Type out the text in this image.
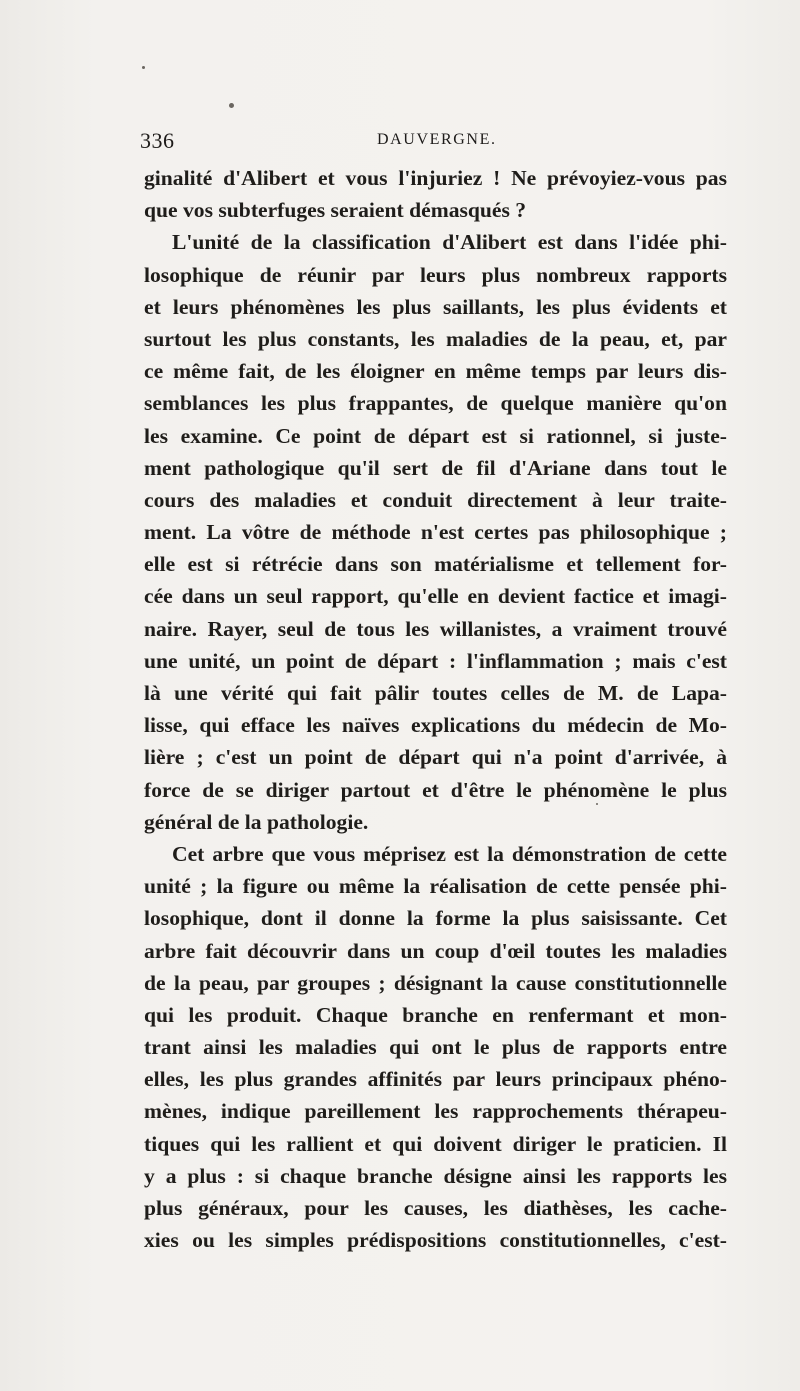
336	DAUVERGNE.
ginalité d'Alibert et vous l'injuriez ! Ne prévoyiez-vous pas
que vos subterfuges seraient démasqués ?
L'unité de la classification d'Alibert est dans l'idée phi-
losophique de réunir par leurs plus nombreux rapports
et leurs phénomènes les plus saillants, les plus évidents et
surtout les plus constants, les maladies de la peau, et, par
ce même fait, de les éloigner en même temps par leurs dis-
semblances les plus frappantes, de quelque manière qu'on
les examine. Ce point de départ est si rationnel, si juste-
ment pathologique qu'il sert de fil d'Ariane dans tout le
cours des maladies et conduit directement à leur traite-
ment. La vôtre de méthode n'est certes pas philosophique ;
elle est si rétrécie dans son matérialisme et tellement for-
cée dans un seul rapport, qu'elle en devient factice et imagi-
naire. Rayer, seul de tous les willanistes, a vraiment trouvé
une unité, un point de départ : l'inflammation ; mais c'est
là une vérité qui fait pâlir toutes celles de M. de Lapa-
lisse, qui efface les naïves explications du médecin de Mo-
lière ; c'est un point de départ qui n'a point d'arrivée, à
force de se diriger partout et d'être le phénomène le plus
général de la pathologie.
Cet arbre que vous méprisez est la démonstration de cette
unité ; la figure ou même la réalisation de cette pensée phi-
losophique, dont il donne la forme la plus saisissante. Cet
arbre fait découvrir dans un coup d'œil toutes les maladies
de la peau, par groupes ; désignant la cause constitutionnelle
qui les produit. Chaque branche en renfermant et mon-
trant ainsi les maladies qui ont le plus de rapports entre
elles, les plus grandes affinités par leurs principaux phéno-
mènes, indique pareillement les rapprochements thérapeu-
tiques qui les rallient et qui doivent diriger le praticien. Il
y a plus : si chaque branche désigne ainsi les rapports les
plus généraux, pour les causes, les diathèses, les cache-
xies ou les simples prédispositions constitutionnelles, c'est-
